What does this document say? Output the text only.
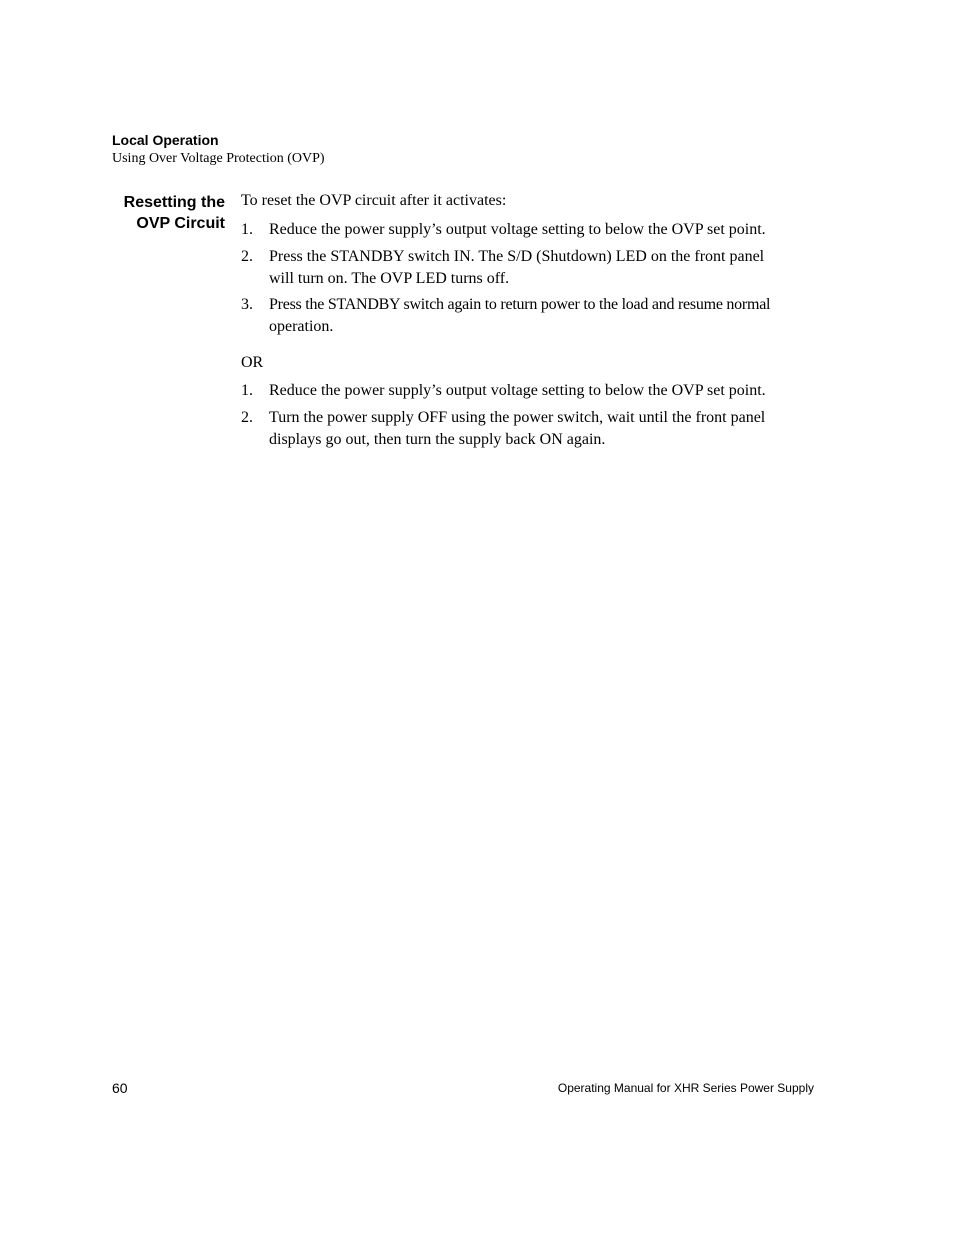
Local Operation
Using Over Voltage Protection (OVP)
Resetting the
OVP Circuit
To reset the OVP circuit after it activates:
1. Reduce the power supply’s output voltage setting to below the OVP set point.
2. Press the STANDBY switch IN. The S/D (Shutdown) LED on the front panel
will turn on. The OVP LED turns off.
3. Press the STANDBY switch again to return power to the load and resume normal
operation.
OR
1. Reduce the power supply’s output voltage setting to below the OVP set point.
2. Turn the power supply OFF using the power switch, wait until the front panel
displays go out, then turn the supply back ON again.
60	Operating Manual for XHR Series Power Supply
